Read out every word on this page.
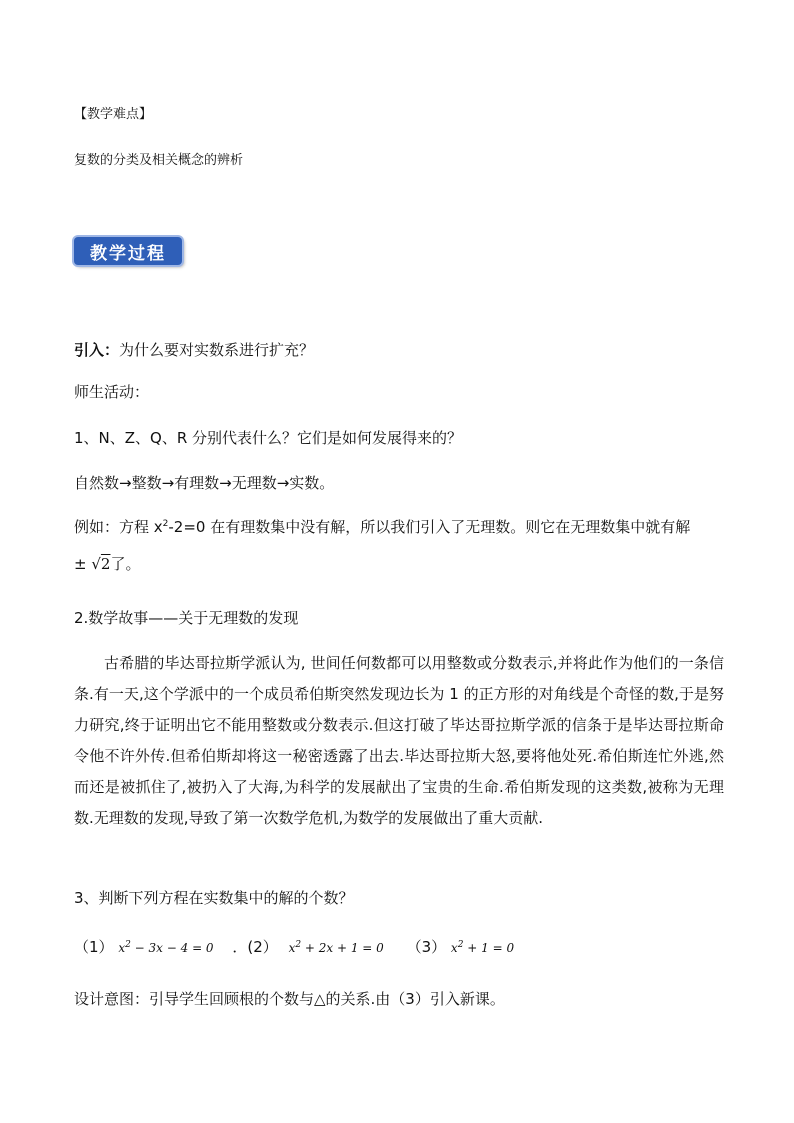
【教学难点】
复数的分类及相关概念的辨析
教学过程
引入：为什么要对实数系进行扩充？
师生活动：
1、N、Z、Q、R 分别代表什么？它们是如何发展得来的？
自然数→整数→有理数→无理数→实数。
例如：方程 $x^2-2=0$ 在有理数集中没有解，所以我们引入了无理数。则它在无理数集中就有解
± √2了。
2.数学故事——关于无理数的发现
古希腊的毕达哥拉斯学派认为, 世间任何数都可以用整数或分数表示,并将此作为他们的一条信条.有一天,这个学派中的一个成员希伯斯突然发现边长为 1 的正方形的对角线是个奇怪的数,于是努力研究,终于证明出它不能用整数或分数表示.但这打破了毕达哥拉斯学派的信条于是毕达哥拉斯命令他不许外传.但希伯斯却将这一秘密透露了出去.毕达哥拉斯大怒,要将他处死.希伯斯连忙外逃,然而还是被抓住了,被扔入了大海,为科学的发展献出了宝贵的生命.希伯斯发现的这类数,被称为无理数.无理数的发现,导致了第一次数学危机,为数学的发展做出了重大贡献.
3、判断下列方程在实数集中的解的个数？
（1） $x^2 - 3x - 4 = 0$ ．(2） $x^2 + 2x + 1 = 0$ （3） $x^2 + 1 = 0$
设计意图：引导学生回顾根的个数与△的关系.由（3）引入新课。
